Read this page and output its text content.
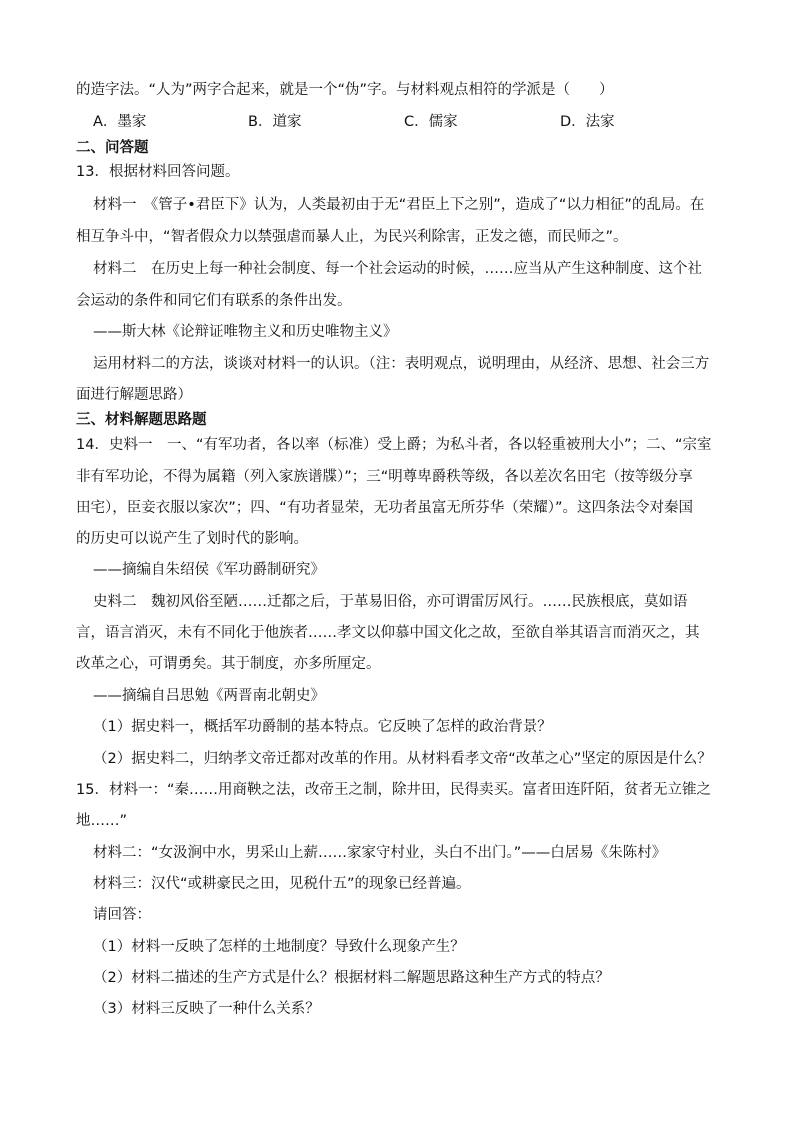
的造字法。“人为”两字合起来，就是一个“伪”字。与材料观点相符的学派是（　　）
A．墨家	B．道家	C．儒家	D．法家
二、问答题
13．根据材料回答问题。
材料一　《管子•君臣下》认为，人类最初由于无“君臣上下之别”，造成了“以力相征”的乱局。在
相互争斗中，“智者假众力以禁强虐而暴人止，为民兴利除害，正发之德，而民师之”。
材料二　在历史上每一种社会制度、每一个社会运动的时候，……应当从产生这种制度、这个社
会运动的条件和同它们有联系的条件出发。
——斯大林《论辩证唯物主义和历史唯物主义》
运用材料二的方法，谈谈对材料一的认识。（注：表明观点，说明理由，从经济、思想、社会三方
面进行解题思路）
三、材料解题思路题
14．史料一　一、“有军功者，各以率（标准）受上爵；为私斗者，各以轻重被刑大小”；二、“宗室
非有军功论，不得为属籍（列入家族谱牒）”；三“明尊卑爵秩等级，各以差次名田宅（按等级分享
田宅），臣妾衣服以家次”；四、“有功者显荣，无功者虽富无所芬华（荣耀）”。这四条法令对秦国
的历史可以说产生了划时代的影响。
——摘编自朱绍侯《军功爵制研究》
史料二　魏初风俗至陋……迁都之后，于革易旧俗，亦可谓雷厉风行。……民族根底，莫如语
言，语言消灭，未有不同化于他族者……孝文以仰慕中国文化之故，至欲自举其语言而消灭之，其
改革之心，可谓勇矣。其于制度，亦多所厘定。
——摘编自吕思勉《两晋南北朝史》
（1）据史料一，概括军功爵制的基本特点。它反映了怎样的政治背景？
（2）据史料二，归纳孝文帝迁都对改革的作用。从材料看孝文帝“改革之心”坚定的原因是什么？
15．材料一：“秦……用商鞅之法，改帝王之制，除井田，民得卖买。富者田连阡陌，贫者无立锥之
地……”
材料二：“女汲涧中水，男采山上薪……家家守村业，头白不出门。”——白居易《朱陈村》
材料三：汉代“或耕豪民之田，见税什五”的现象已经普遍。
请回答：
（1）材料一反映了怎样的土地制度？导致什么现象产生？
（2）材料二描述的生产方式是什么？根据材料二解题思路这种生产方式的特点？
（3）材料三反映了一种什么关系？
